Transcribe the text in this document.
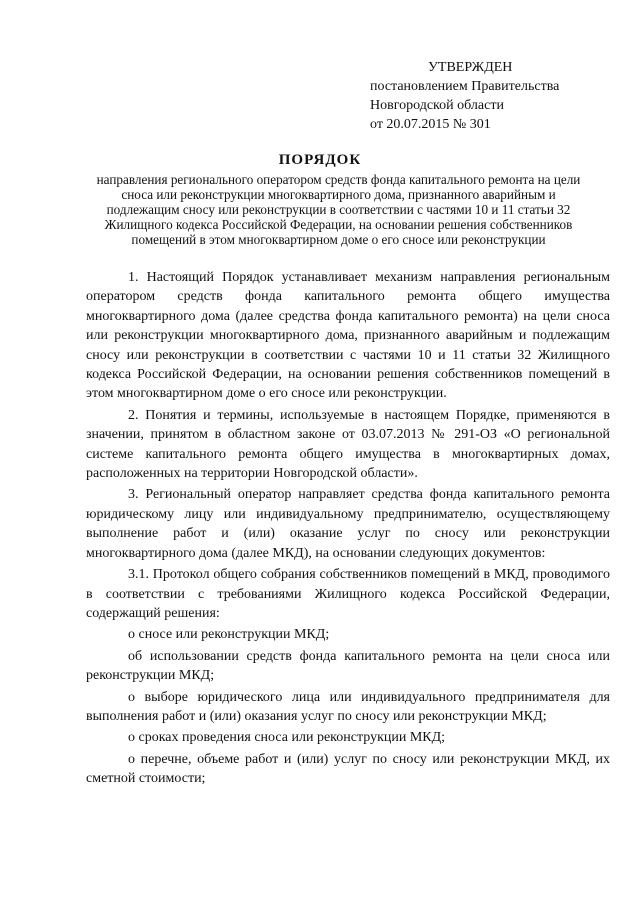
УТВЕРЖДЕН
постановлением Правительства
Новгородской области
от 20.07.2015 № 301
ПОРЯДОК
направления регионального оператором средств фонда капитального ремонта на цели сноса или реконструкции многоквартирного дома, признанного аварийным и подлежащим сносу или реконструкции в соответствии с частями 10 и 11 статьи 32 Жилищного кодекса Российской Федерации, на основании решения собственников помещений в этом многоквартирном доме о его сносе или реконструкции

1. Настоящий Порядок устанавливает механизм направления региональным оператором средств фонда капитального ремонта общего имущества многоквартирного дома (далее средства фонда капитального ремонта) на цели сноса или реконструкции многоквартирного дома, признанного аварийным и подлежащим сносу или реконструкции в соответствии с частями 10 и 11 статьи 32 Жилищного кодекса Российской Федерации, на основании решения собственников помещений в этом многоквартирном доме о его сносе или реконструкции.

2. Понятия и термины, используемые в настоящем Порядке, применяются в значении, принятом в областном законе от 03.07.2013 № 291-ОЗ «О региональной системе капитального ремонта общего имущества в многоквартирных домах, расположенных на территории Новгородской области».

3. Региональный оператор направляет средства фонда капитального ремонта юридическому лицу или индивидуальному предпринимателю, осуществляющему выполнение работ и (или) оказание услуг по сносу или реконструкции многоквартирного дома (далее МКД), на основании следующих документов:

3.1. Протокол общего собрания собственников помещений в МКД, проводимого в соответствии с требованиями Жилищного кодекса Российской Федерации, содержащий решения:

о сносе или реконструкции МКД;

об использовании средств фонда капитального ремонта на цели сноса или реконструкции МКД;

о выборе юридического лица или индивидуального предпринимателя для выполнения работ и (или) оказания услуг по сносу или реконструкции МКД;

о сроках проведения сноса или реконструкции МКД;

о перечне, объеме работ и (или) услуг по сносу или реконструкции МКД, их сметной стоимости;
